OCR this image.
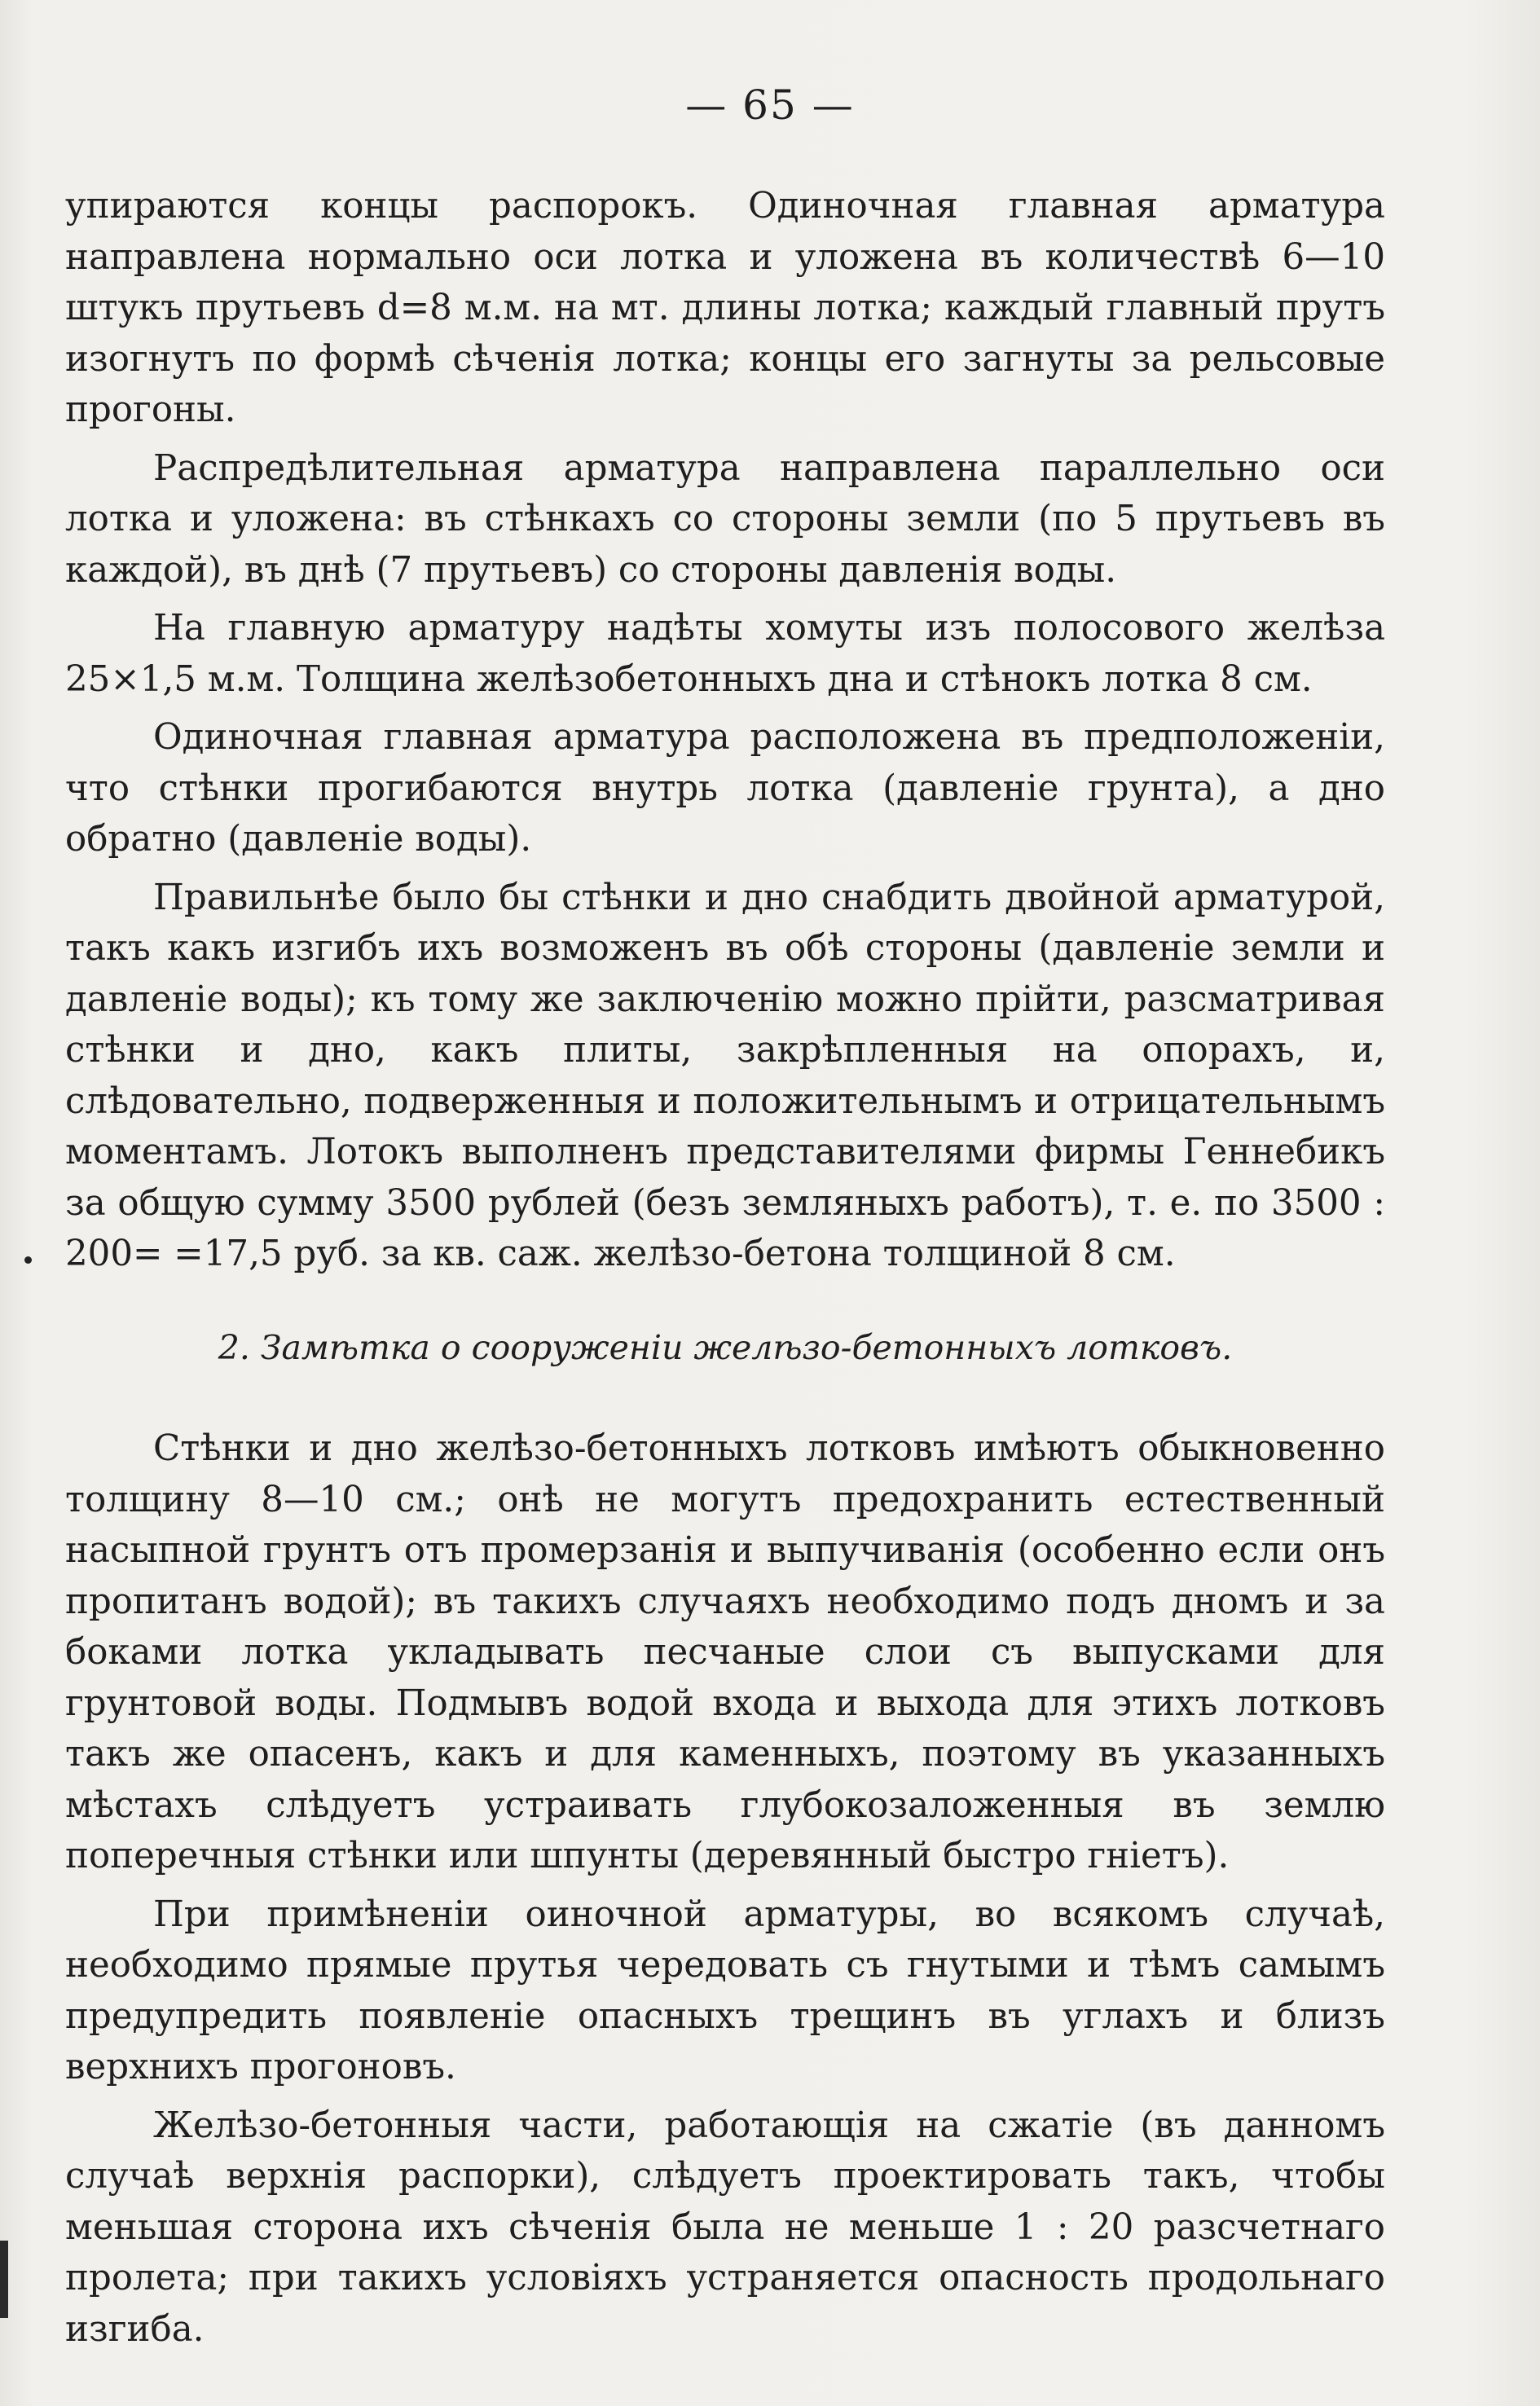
— 65 —

упираются концы распорокъ. Одиночная главная арматура направлена нормально оси лотка и уложена въ количествѣ 6—10 штукъ прутьевъ d=8 м.м. на мт. длины лотка; каждый главный прутъ изогнутъ по формѣ сѣченія лотка; концы его загнуты за рельсовые прогоны.

Распредѣлительная арматура направлена параллельно оси лотка и уложена: въ стѣнкахъ со стороны земли (по 5 прутьевъ въ каждой), въ днѣ (7 прутьевъ) со стороны давленія воды.

На главную арматуру надѣты хомуты изъ полосового желѣза 25×1,5 м.м. Толщина желѣзобетонныхъ дна и стѣнокъ лотка 8 см.

Одиночная главная арматура расположена въ предположеніи, что стѣнки прогибаются внутрь лотка (давленіе грунта), а дно обратно (давленіе воды).

Правильнѣе было бы стѣнки и дно снабдить двойной арматурой, такъ какъ изгибъ ихъ возможенъ въ обѣ стороны (давленіе земли и давленіе воды); къ тому же заключенію можно прійти, разсматривая стѣнки и дно, какъ плиты, закрѣпленныя на опорахъ, и, слѣдовательно, подверженныя и положительнымъ и отрицательнымъ моментамъ. Лотокъ выполненъ представителями фирмы Геннебикъ за общую сумму 3500 рублей (безъ земляныхъ работъ), т. е. по 3500 : 200= =17,5 руб. за кв. саж. желѣзо-бетона толщиной 8 см.

2. Замѣтка о сооруженіи желѣзо-бетонныхъ лотковъ.

Стѣнки и дно желѣзо-бетонныхъ лотковъ имѣютъ обыкновенно толщину 8—10 см.; онѣ не могутъ предохранить естественный насыпной грунтъ отъ промерзанія и выпучиванія (особенно если онъ пропитанъ водой); въ такихъ случаяхъ необходимо подъ дномъ и за боками лотка укладывать песчаные слои съ выпусками для грунтовой воды. Подмывъ водой входа и выхода для этихъ лотковъ такъ же опасенъ, какъ и для каменныхъ, поэтому въ указанныхъ мѣстахъ слѣдуетъ устраивать глубокозаложенныя въ землю поперечныя стѣнки или шпунты (деревянный быстро гніетъ).

При примѣненіи оиночной арматуры, во всякомъ случаѣ, необходимо прямые прутья чередовать съ гнутыми и тѣмъ самымъ предупредить появленіе опасныхъ трещинъ въ углахъ и близъ верхнихъ прогоновъ.

Желѣзо-бетонныя части, работающія на сжатіе (въ данномъ случаѣ верхнія распорки), слѣдуетъ проектировать такъ, чтобы меньшая сторона ихъ сѣченія была не меньше 1 : 20 разсчетнаго пролета; при такихъ условіяхъ устраняется опасность продольнаго изгиба.
